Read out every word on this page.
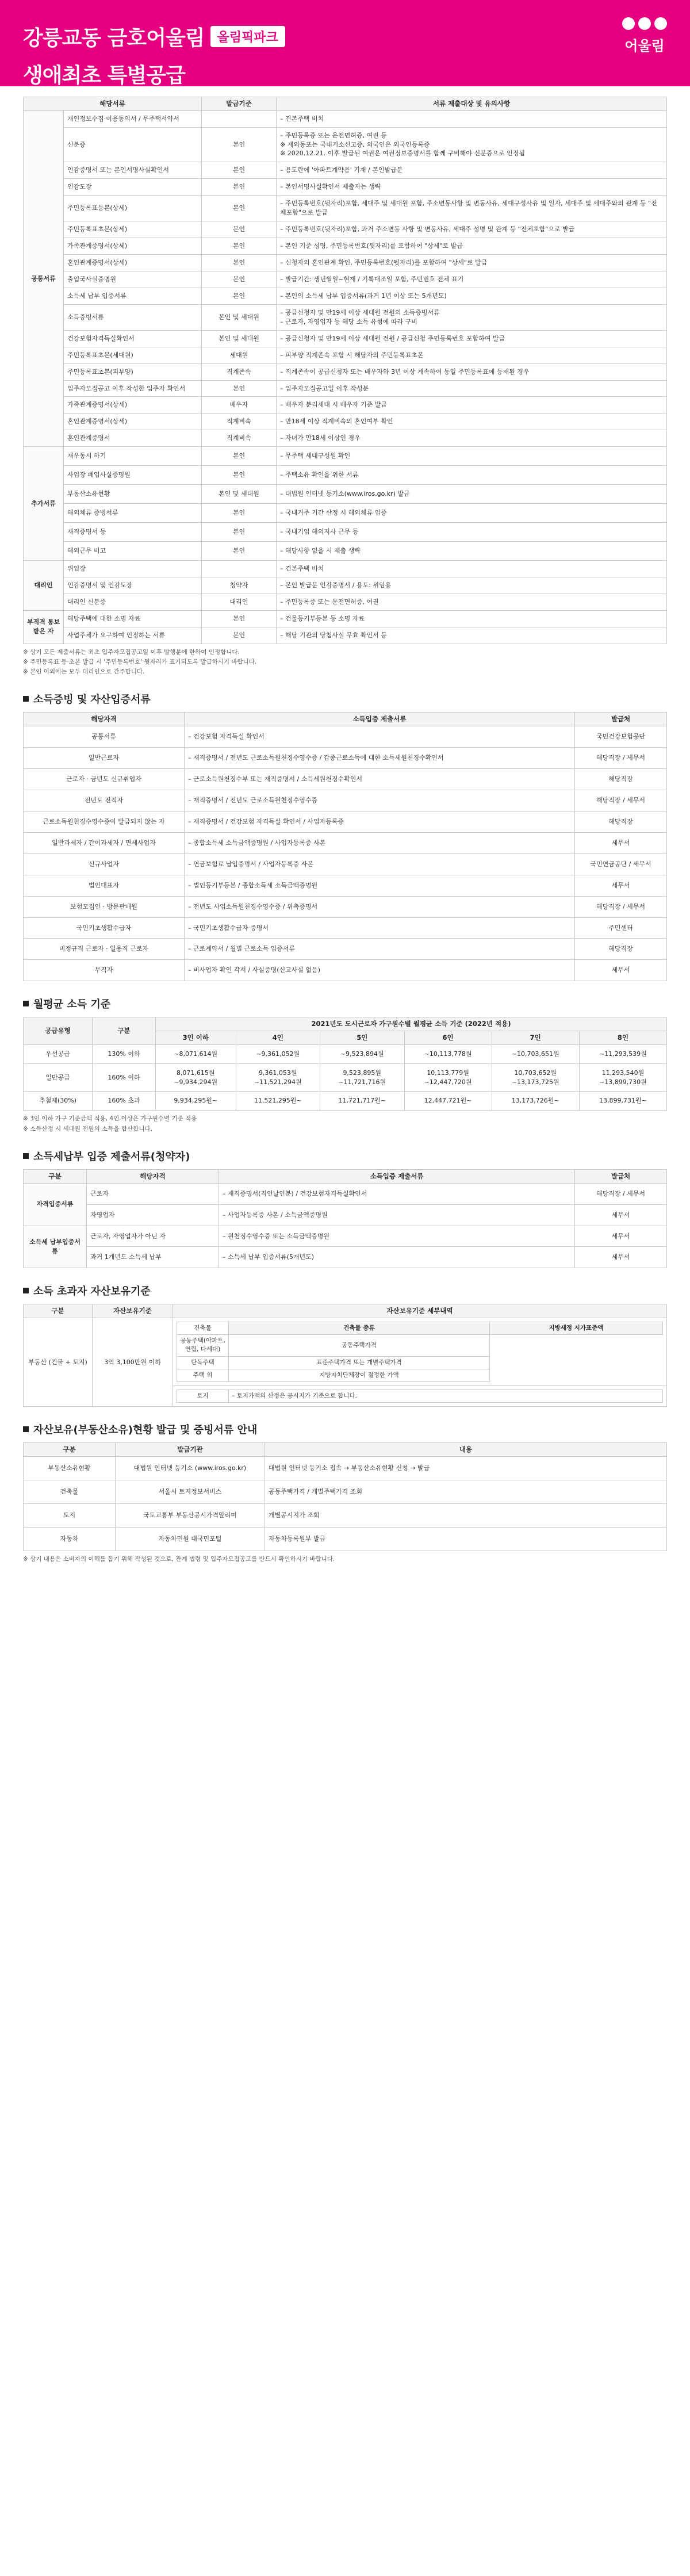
강릉교동 금호어울림	올림픽파크
생애최초 특별공급
어울림
해당서류		발급기준	서류 제출대상 및 유의사항
공통서류	개인정보수집·이용동의서 / 무주택서약서		– 견본주택 비치
	신분증	본인	– 주민등록증 또는 운전면허증, 여권 등
※ 재외동포는 국내거소신고증, 외국인은 외국인등록증
※ 2020.12.21. 이후 발급된 여권은 여권정보증명서를 함께 구비해야 신분증으로 인정됨
	인감증명서 또는 본인서명사실확인서	본인	– 용도란에 '아파트계약용' 기재 / 본인발급분
	인감도장	본인	– 본인서명사실확인서 제출자는 생략
	주민등록표등본(상세)	본인	– 주민등록번호(뒷자리)포함, 세대주 및 세대원 포함, 주소변동사항 및 변동사유, 세대구성사유 및 일자, 세대주 및 세대주와의 관계 등 "전체포함"으로 발급
	주민등록표초본(상세)	본인	– 주민등록번호(뒷자리)포함, 과거 주소변동 사항 및 변동사유, 세대주 성명 및 관계 등 "전체포함"으로 발급
	가족관계증명서(상세)	본인	– 본인 기준 성명, 주민등록번호(뒷자리)를 포함하여 "상세"로 발급
	혼인관계증명서(상세)	본인	– 신청자의 혼인관계 확인, 주민등록번호(뒷자리)를 포함하여 "상세"로 발급
	출입국사실증명원	본인	– 발급기간: 생년월일~현재 / 기록대조일 포함, 주민번호 전체 표기
	소득세 납부 입증서류	본인	– 본인의 소득세 납부 입증서류(과거 1년 이상 또는 5개년도)
	소득증빙서류	본인 및 세대원	– 공급신청자 및 만19세 이상 세대원 전원의 소득증빙서류
– 근로자, 자영업자 등 해당 소득 유형에 따라 구비
	건강보험자격득실확인서	본인 및 세대원	– 공급신청자 및 만19세 이상 세대원 전원 / 공급신청 주민등록번호 포함하여 발급
	주민등록표초본(세대원)	세대원	– 피부양 직계존속 포함 시 해당자의 주민등록표초본
	주민등록표초본(피부양)	직계존속	– 직계존속이 공급신청자 또는 배우자와 3년 이상 계속하여 동일 주민등록표에 등재된 경우
	입주자모집공고 이후 작성한 입주자 확인서	본인	– 입주자모집공고일 이후 작성분
	가족관계증명서(상세)	배우자	– 배우자 분리세대 시 배우자 기준 발급
	혼인관계증명서(상세)	직계비속	– 만18세 이상 직계비속의 혼인여부 확인
	혼인관계증명서	직계비속	– 자녀가 만18세 이상인 경우
추가서류	재우동시 하기	본인	– 무주택 세대구성원 확인
	사업장 폐업사실증명원	본인	– 주택소유 확인을 위한 서류
	부동산소유현황	본인 및 세대원	– 대법원 인터넷 등기소(www.iros.go.kr) 발급
	해외체류 증빙서류	본인	– 국내거주 기간 산정 시 해외체류 입증
	재직증명서 등	본인	– 국내기업 해외지사 근무 등
	해외근무 비고	본인	– 해당사항 없을 시 제출 생략
대리인	위임장		– 견본주택 비치
	인감증명서 및 인감도장	청약자	– 본인 발급분 인감증명서 / 용도: 위임용
	대리인 신분증	대리인	– 주민등록증 또는 운전면허증, 여권
부적격 통보받은 자	해당주택에 대한 소명 자료	본인	– 건물등기부등본 등 소명 자료
	사업주체가 요구하여 인정하는 서류	본인	– 해당 기관의 당첨사실 무효 확인서 등
※ 상기 모든 제출서류는 최초 입주자모집공고일 이후 발행분에 한하여 인정합니다.
※ 주민등록표 등·초본 발급 시 '주민등록번호' 뒷자리가 표기되도록 발급하시기 바랍니다.
※ 본인 이외에는 모두 대리인으로 간주합니다.
소득증빙 및 자산입증서류
해당자격	소득입증 제출서류	발급처
공통서류	– 건강보험 자격득실 확인서	국민건강보험공단
일반근로자	– 재직증명서 / 전년도 근로소득원천징수영수증 / 갑종근로소득에 대한 소득세원천징수확인서	해당직장 / 세무서
근로자 · 금년도 신규취업자	– 근로소득원천징수부 또는 재직증명서 / 소득세원천징수확인서	해당직장
전년도 전직자	– 재직증명서 / 전년도 근로소득원천징수영수증	해당직장 / 세무서
근로소득원천징수영수증이 발급되지 않는 자	– 재직증명서 / 건강보험 자격득실 확인서 / 사업자등록증	해당직장
일반과세자 / 간이과세자 / 면세사업자	– 종합소득세 소득금액증명원 / 사업자등록증 사본	세무서
신규사업자	– 연금보험료 납입증명서 / 사업자등록증 사본	국민연금공단 / 세무서
법인대표자	– 법인등기부등본 / 종합소득세 소득금액증명원	세무서
보험모집인 · 방문판매원	– 전년도 사업소득원천징수영수증 / 위촉증명서	해당직장 / 세무서
국민기초생활수급자	– 국민기초생활수급자 증명서	주민센터
비정규직 근로자 · 일용직 근로자	– 근로계약서 / 월별 근로소득 입증서류	해당직장
무직자	– 비사업자 확인 각서 / 사실증명(신고사실 없음)	세무서
월평균 소득 기준
공급유형	구분	2021년도 도시근로자 가구원수별 월평균 소득 기준 (2022년 적용)					
		3인 이하	4인	5인	6인	7인	8인
우선공급	130% 이하	~8,071,614원	~9,361,052원	~9,523,894원	~10,113,778원	~10,703,651원	~11,293,539원
일반공급	160% 이하	8,071,615원 ~9,934,294원	9,361,053원 ~11,521,294원	9,523,895원 ~11,721,716원	10,113,779원 ~12,447,720원	10,703,652원 ~13,173,725원	11,293,540원 ~13,899,730원
추첨제(30%)	160% 초과	9,934,295원~	11,521,295원~	11,721,717원~	12,447,721원~	13,173,726원~	13,899,731원~
※ 3인 이하 가구 기준금액 적용, 4인 이상은 가구원수별 기준 적용
※ 소득산정 시 세대원 전원의 소득을 합산합니다.
소득세납부 입증 제출서류(청약자)
구분	해당자격	소득입증 제출서류	발급처
자격입증서류	근로자	– 재직증명서(직인날인분) / 건강보험자격득실확인서	해당직장 / 세무서
	자영업자	– 사업자등록증 사본 / 소득금액증명원	세무서
소득세 납부입증서류	근로자, 자영업자가 아닌 자	– 원천징수영수증 또는 소득금액증명원	세무서
	과거 1개년도 소득세 납부	– 소득세 납부 입증서류(5개년도)	세무서
소득 초과자 자산보유기준
구분	자산보유기준	자산보유기준 세부내역
부동산 (건물 + 토지)	3억 3,100만원 이하	
건축물	건축물 종류	지방세정 시가표준액
공동주택(아파트, 연립, 다세대)	공동주택가격
단독주택	표준주택가격 또는 개별주택가격
주택 외	지방자치단체장이 결정한 가액

토지	– 토지가액의 산정은 공시지가 기준으로 합니다.
자산보유(부동산소유)현황 발급 및 증빙서류 안내
구분	발급기관	내용
부동산소유현황	대법원 인터넷 등기소 (www.iros.go.kr)	대법원 인터넷 등기소 접속 → 부동산소유현황 신청 → 발급
건축물	서울시 토지정보서비스	공동주택가격 / 개별주택가격 조회
토지	국토교통부 부동산공시가격알리미	개별공시지가 조회
자동차	자동차민원 대국민포털	자동차등록원부 발급
※ 상기 내용은 소비자의 이해를 돕기 위해 작성된 것으로, 관계 법령 및 입주자모집공고를 반드시 확인하시기 바랍니다.
